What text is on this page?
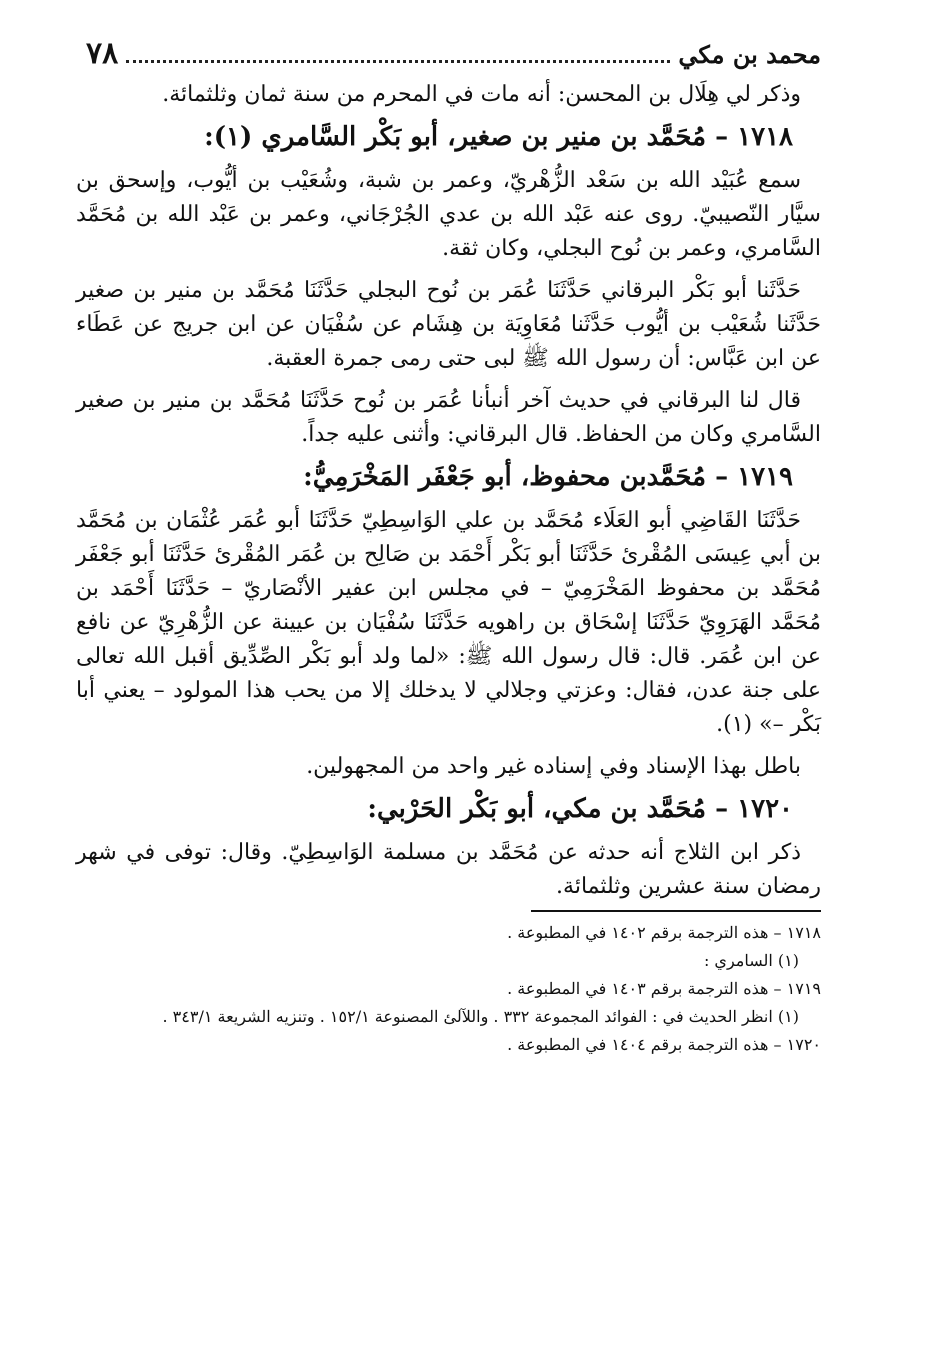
محمد بن مكي
٧٨

وذكر لي هِلَال بن المحسن: أنه مات في المحرم من سنة ثمان وثلثمائة.

١٧١٨ – مُحَمَّد بن منير بن صغير، أبو بَكْر السَّامري (١):

سمع عُبَيْد الله بن سَعْد الزُّهْريّ، وعمر بن شبة، وشُعَيْب بن أيُّوب، وإسحق بن سيَّار النّصيبيّ. روى عنه عَبْد الله بن عدي الجُرْجَاني، وعمر بن عَبْد الله بن مُحَمَّد السَّامري، وعمر بن نُوح البجلي، وكان ثقة.

حَدَّثَنا أبو بَكْر البرقاني حَدَّثَنَا عُمَر بن نُوح البجلي حَدَّثَنَا مُحَمَّد بن منير بن صغير حَدَّثَنا شُعَيْب بن أيُّوب حَدَّثَنا مُعَاوِيَة بن هِشَام عن سُفْيَان عن ابن جريج عن عَطَاء عن ابن عَبَّاس: أن رسول الله ﷺ لبى حتى رمى جمرة العقبة.

قال لنا البرقاني في حديث آخر أنبأنا عُمَر بن نُوح حَدَّثَنَا مُحَمَّد بن منير بن صغير السَّامري وكان من الحفاظ. قال البرقاني: وأثنى عليه جداً.

١٧١٩ – مُحَمَّدبن محفوظ، أبو جَعْفَر المَخْرَمِيُّ:

حَدَّثَنَا القَاضِي أبو العَلَاء مُحَمَّد بن علي الوَاسِطِيّ حَدَّثَنَا أبو عُمَر عُثْمَان بن مُحَمَّد بن أبي عِيسَى المُقْرئ حَدَّثَنَا أبو بَكْر أَحْمَد بن صَالِح بن عُمَر المُقْرئ حَدَّثَنَا أبو جَعْفَر مُحَمَّد بن محفوظ المَخْرَمِيّ – في مجلس ابن عفير الأنْصَاريّ – حَدَّثَنَا أَحْمَد بن مُحَمَّد الهَرَوِيّ حَدَّثَنَا إسْحَاق بن راهويه حَدَّثَنَا سُفْيَان بن عيينة عن الزُّهْرِيّ عن نافع عن ابن عُمَر. قال: قال رسول الله ﷺ: «لما ولد أبو بَكْر الصِّدِّيق أقبل الله تعالى على جنة عدن، فقال: وعزتي وجلالي لا يدخلك إلا من يحب هذا المولود – يعني أبا بَكْر –» (١).

باطل بهذا الإسناد وفي إسناده غير واحد من المجهولين.

١٧٢٠ – مُحَمَّد بن مكي، أبو بَكْر الحَرْبي:

ذكر ابن الثلاج أنه حدثه عن مُحَمَّد بن مسلمة الوَاسِطِيّ. وقال: توفى في شهر رمضان سنة عشرين وثلثمائة.

١٧١٨ – هذه الترجمة برقم ١٤٠٢ في المطبوعة .

(١) السامري :

١٧١٩ – هذه الترجمة برقم ١٤٠٣ في المطبوعة .

(١) انظر الحديث في : الفوائد المجموعة ٣٣٢ . واللآلئ المصنوعة ١٥٢/١ . وتنزيه الشريعة ٣٤٣/١ .

١٧٢٠ – هذه الترجمة برقم ١٤٠٤ في المطبوعة .
